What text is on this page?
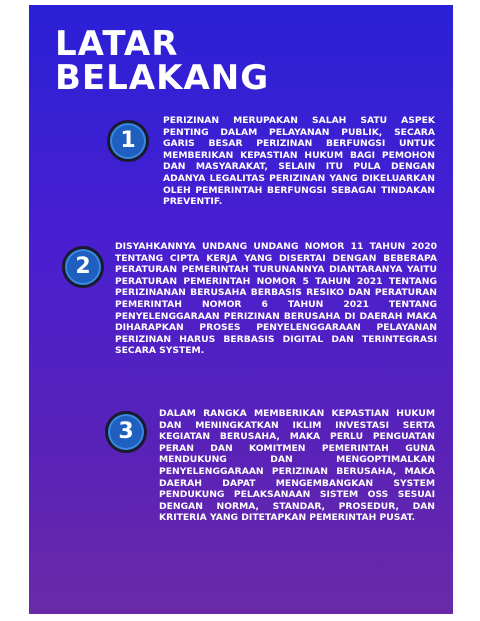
LATAR
BELAKANG
1

PERIZINAN MERUPAKAN SALAH SATU ASPEK PENTING DALAM PELAYANAN PUBLIK, SECARA GARIS BESAR PERIZINAN BERFUNGSI UNTUK MEMBERIKAN KEPASTIAN HUKUM BAGI PEMOHON DAN MASYARAKAT, SELAIN ITU PULA DENGAN ADANYA LEGALITAS PERIZINAN YANG DIKELUARKAN OLEH PEMERINTAH BERFUNGSI SEBAGAI TINDAKAN PREVENTIF.

2

DISYAHKANNYA UNDANG UNDANG NOMOR 11 TAHUN 2020 TENTANG CIPTA KERJA YANG DISERTAI DENGAN BEBERAPA PERATURAN PEMERINTAH TURUNANNYA DIANTARANYA YAITU PERATURAN PEMERINTAH NOMOR 5 TAHUN 2021 TENTANG PERIZINANAN BERUSAHA BERBASIS RESIKO DAN PERATURAN PEMERINTAH NOMOR 6 TAHUN 2021 TENTANG PENYELENGGARAAN PERIZINAN BERUSAHA DI DAERAH MAKA DIHARAPKAN PROSES PENYELENGGARAAN PELAYANAN PERIZINAN HARUS BERBASIS DIGITAL DAN TERINTEGRASI SECARA SYSTEM.

3

DALAM RANGKA MEMBERIKAN KEPASTIAN HUKUM DAN MENINGKATKAN IKLIM INVESTASI SERTA KEGIATAN BERUSAHA, MAKA PERLU PENGUATAN PERAN DAN KOMITMEN PEMERINTAH GUNA MENDUKUNG DAN MENGOPTIMALKAN PENYELENGGARAAN PERIZINAN BERUSAHA, MAKA DAERAH DAPAT MENGEMBANGKAN SYSTEM PENDUKUNG PELAKSANAAN SISTEM OSS SESUAI DENGAN NORMA, STANDAR, PROSEDUR, DAN KRITERIA YANG DITETAPKAN PEMERINTAH PUSAT.
